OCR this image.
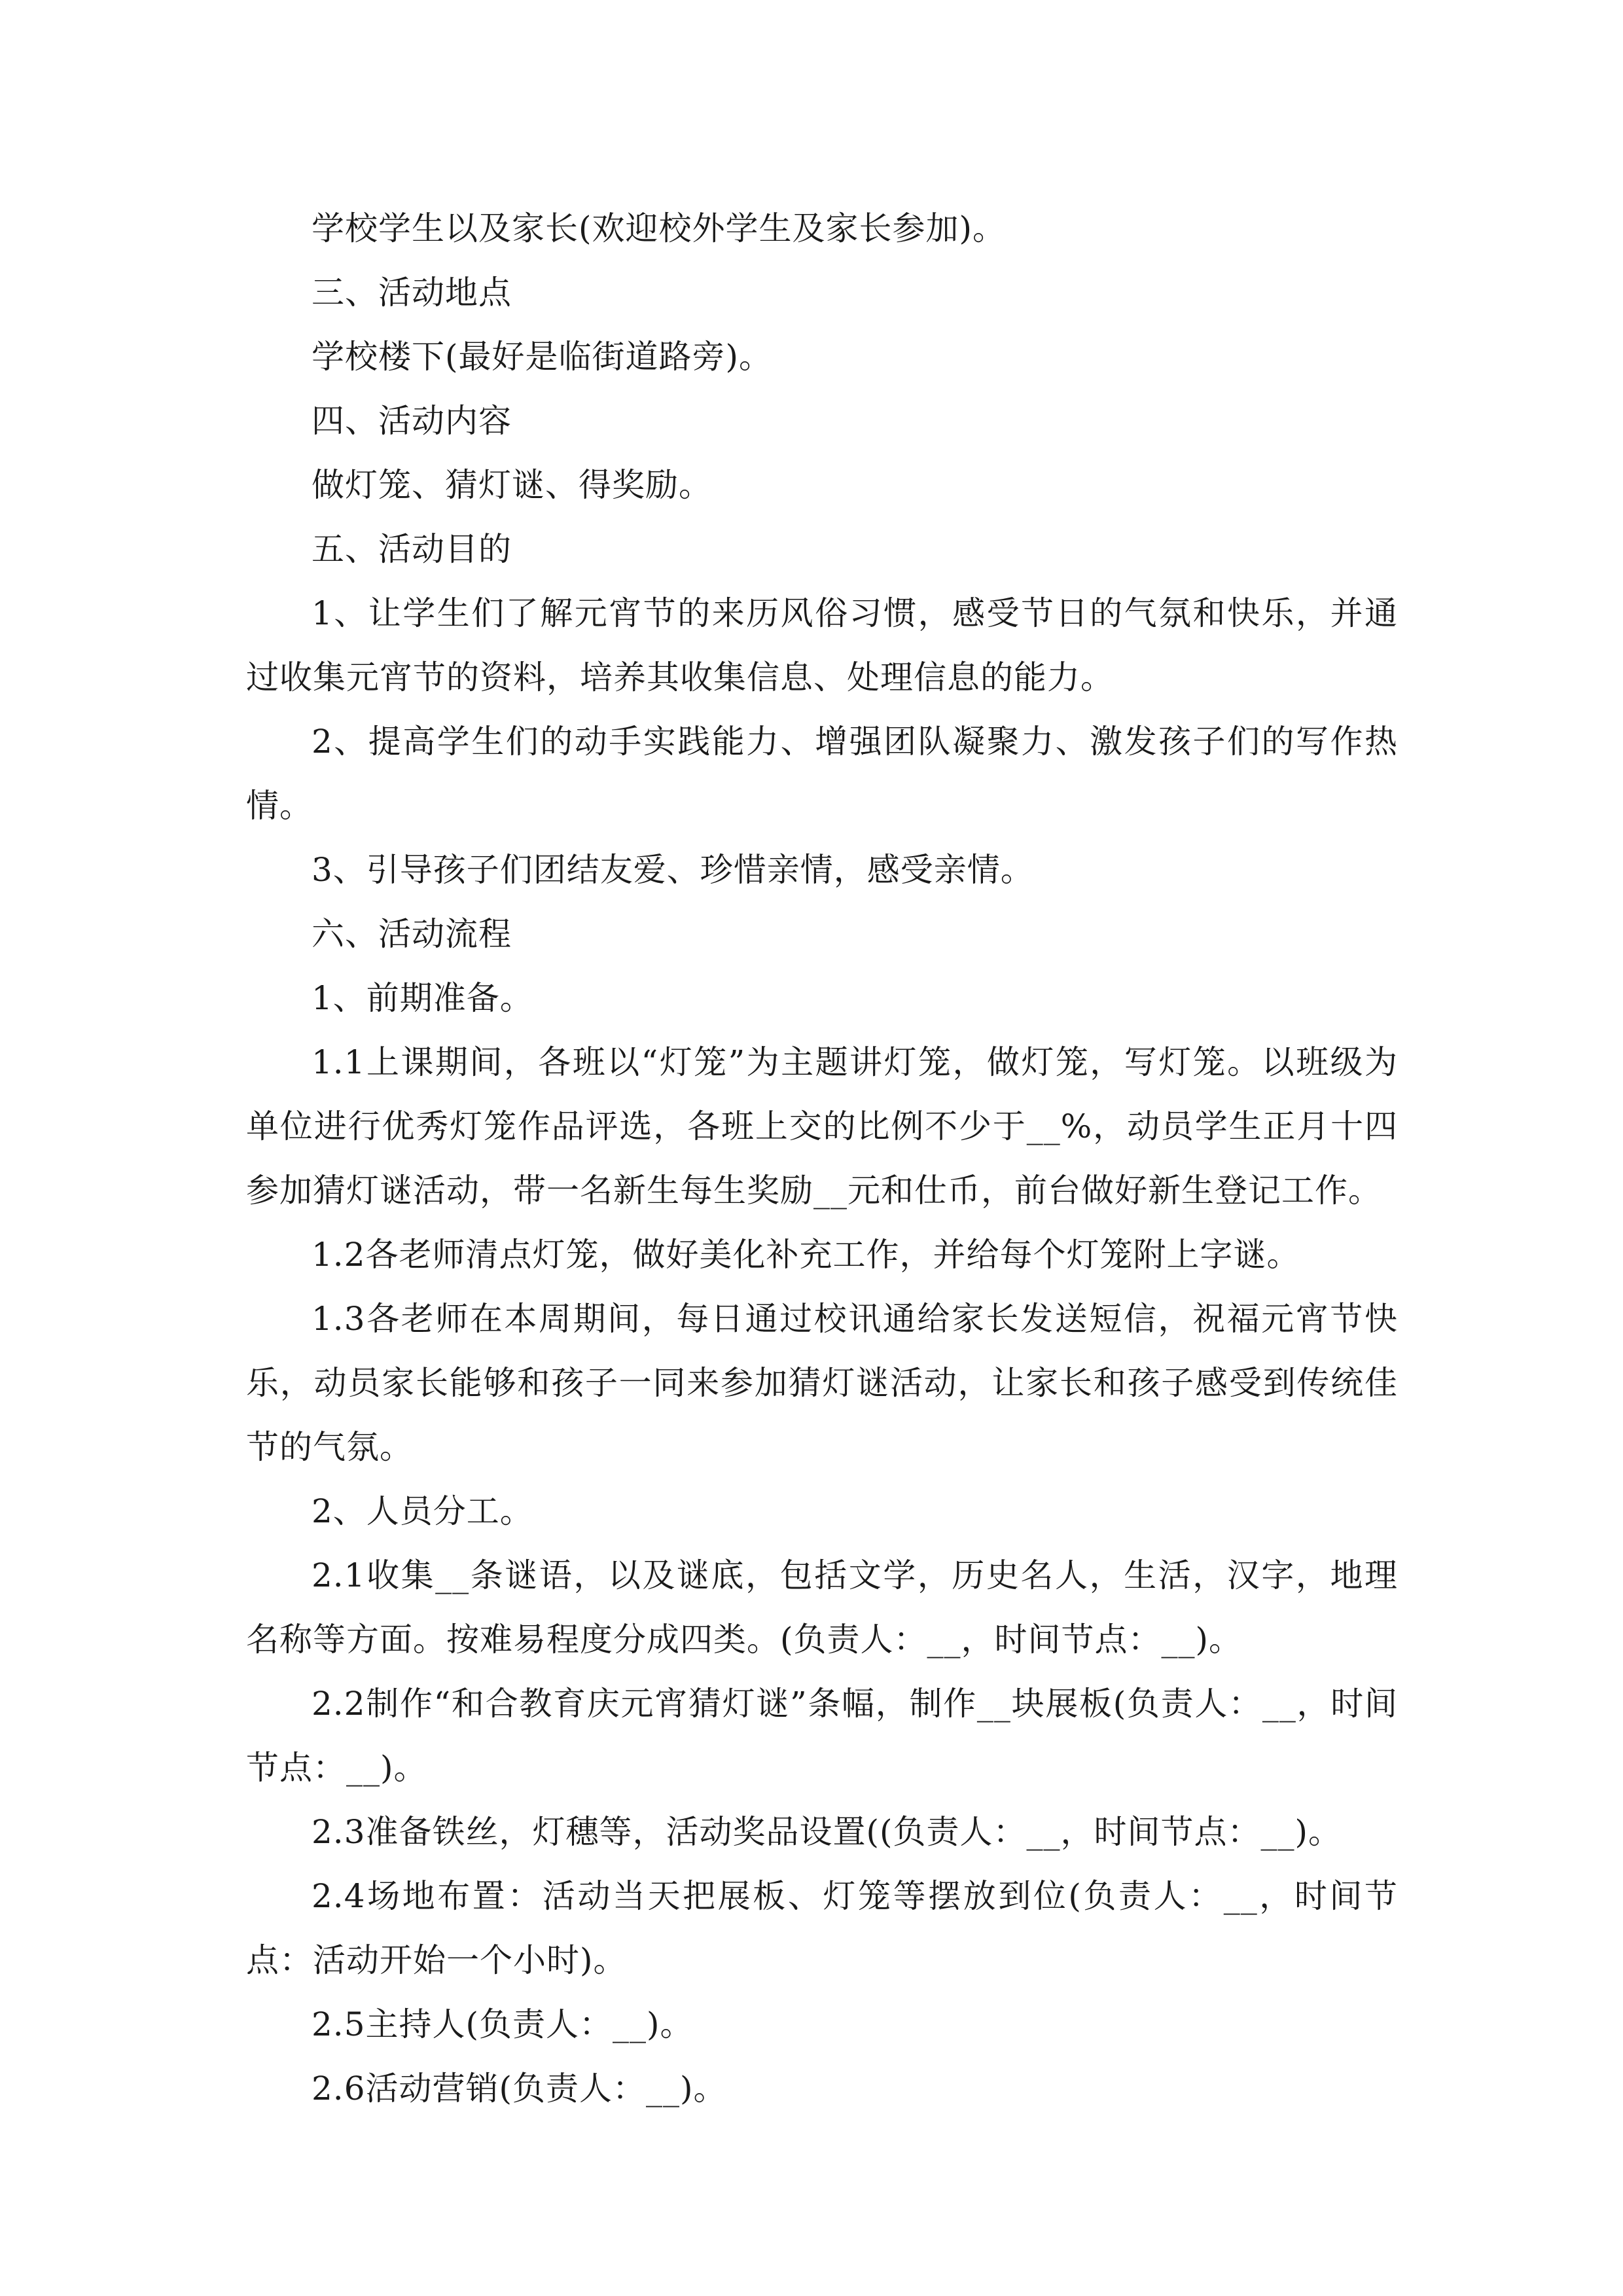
学校学生以及家长(欢迎校外学生及家长参加)。

三、活动地点

学校楼下(最好是临街道路旁)。

四、活动内容

做灯笼、猜灯谜、得奖励。

五、活动目的

1、让学生们了解元宵节的来历风俗习惯，感受节日的气氛和快乐，并通过收集元宵节的资料，培养其收集信息、处理信息的能力。

2、提高学生们的动手实践能力、增强团队凝聚力、激发孩子们的写作热情。

3、引导孩子们团结友爱、珍惜亲情，感受亲情。

六、活动流程

1、前期准备。

1.1上课期间，各班以“灯笼”为主题讲灯笼，做灯笼，写灯笼。以班级为单位进行优秀灯笼作品评选，各班上交的比例不少于__%，动员学生正月十四参加猜灯谜活动，带一名新生每生奖励__元和仕币，前台做好新生登记工作。

1.2各老师清点灯笼，做好美化补充工作，并给每个灯笼附上字谜。

1.3各老师在本周期间，每日通过校讯通给家长发送短信，祝福元宵节快乐，动员家长能够和孩子一同来参加猜灯谜活动，让家长和孩子感受到传统佳节的气氛。

2、人员分工。

2.1收集__条谜语，以及谜底，包括文学，历史名人，生活，汉字，地理名称等方面。按难易程度分成四类。(负责人：__，时间节点：__)。

2.2制作“和合教育庆元宵猜灯谜”条幅，制作__块展板(负责人：__，时间节点：__)。

2.3准备铁丝，灯穗等，活动奖品设置((负责人：__，时间节点：__)。

2.4场地布置：活动当天把展板、灯笼等摆放到位(负责人：__，时间节点：活动开始一个小时)。

2.5主持人(负责人：__)。

2.6活动营销(负责人：__)。
